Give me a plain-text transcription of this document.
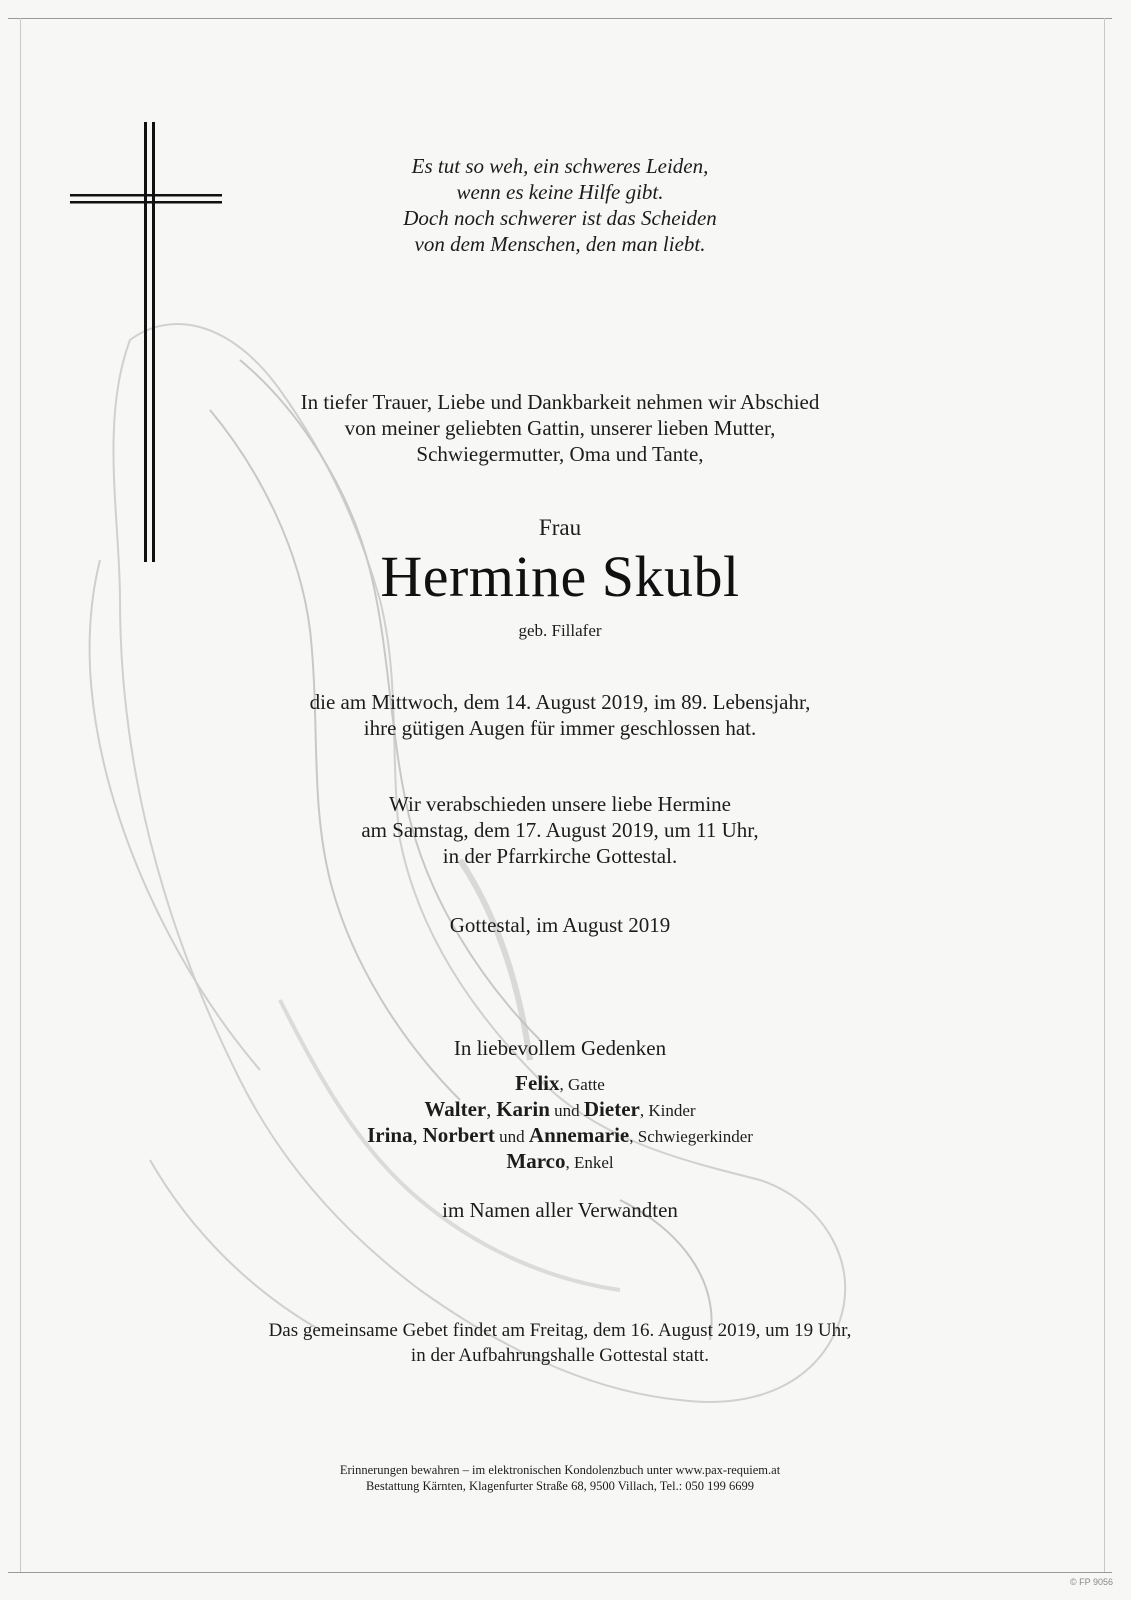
Es tut so weh, ein schweres Leiden,
wenn es keine Hilfe gibt.
Doch noch schwerer ist das Scheiden
von dem Menschen, den man liebt.
In tiefer Trauer, Liebe und Dankbarkeit nehmen wir Abschied
von meiner geliebten Gattin, unserer lieben Mutter,
Schwiegermutter, Oma und Tante,
Frau
Hermine Skubl
geb. Fillafer
die am Mittwoch, dem 14. August 2019, im 89. Lebensjahr,
ihre gütigen Augen für immer geschlossen hat.
Wir verabschieden unsere liebe Hermine
am Samstag, dem 17. August 2019, um 11 Uhr,
in der Pfarrkirche Gottestal.
Gottestal, im August 2019
In liebevollem Gedenken
Felix, Gatte
Walter, Karin und Dieter, Kinder
Irina, Norbert und Annemarie, Schwiegerkinder
Marco, Enkel
im Namen aller Verwandten
Das gemeinsame Gebet findet am Freitag, dem 16. August 2019, um 19 Uhr,
in der Aufbahrungshalle Gottestal statt.
Erinnerungen bewahren – im elektronischen Kondolenzbuch unter www.pax-requiem.at
Bestattung Kärnten, Klagenfurter Straße 68, 9500 Villach, Tel.: 050 199 6699
© FP 9056
